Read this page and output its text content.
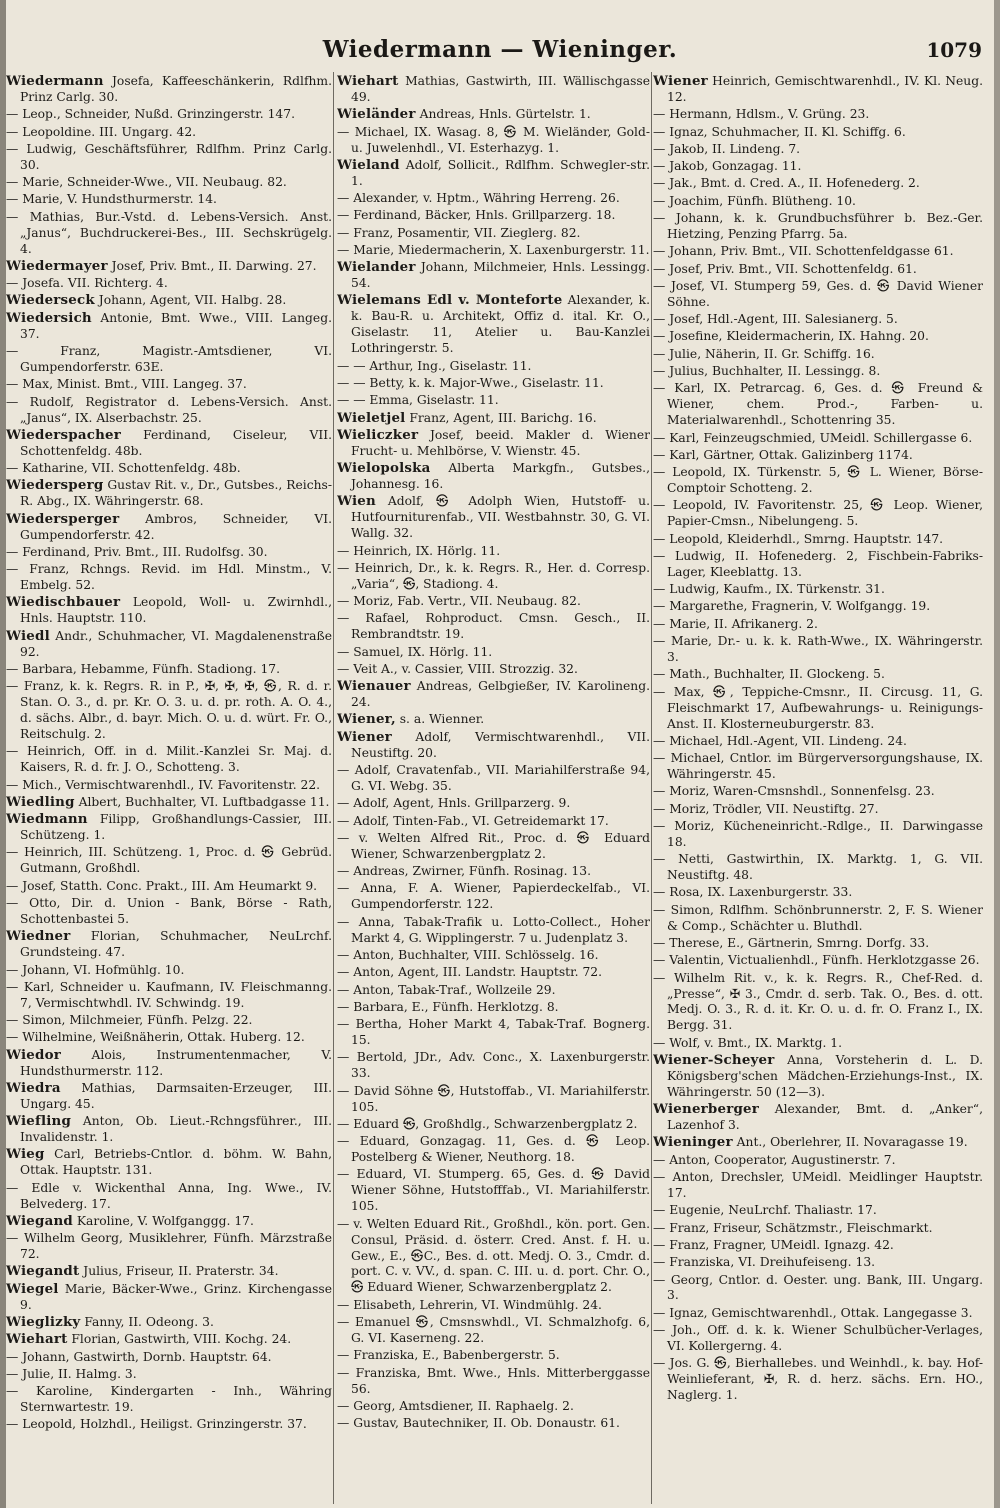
Wiedermann — Wieninger.	1079

Wiedermann Josefa, Kaffeeschänkerin, Rdlfhm. Prinz Carlg. 30.

— Leop., Schneider, Nußd. Grinzingerstr. 147.

— Leopoldine. III. Ungarg. 42.

— Ludwig, Geschäftsführer, Rdlfhm. Prinz Carlg. 30.

— Marie, Schneider-Wwe., VII. Neubaug. 82.

— Marie, V. Hundsthurmerstr. 14.

— Mathias, Bur.-Vstd. d. Lebens-Versich. Anst. „Janus“, Buchdruckerei-Bes., III. Sechskrügelg. 4.

Wiedermayer Josef, Priv. Bmt., II. Darwing. 27.

— Josefa. VII. Richterg. 4.

Wiederseck Johann, Agent, VII. Halbg. 28.

Wiedersich Antonie, Bmt. Wwe., VIII. Langeg. 37.

— Franz, Magistr.-Amtsdiener, VI. Gumpendorferstr. 63E.

— Max, Minist. Bmt., VIII. Langeg. 37.

— Rudolf, Registrator d. Lebens-Versich. Anst. „Janus“, IX. Alserbachstr. 25.

Wiederspacher Ferdinand, Ciseleur, VII. Schottenfeldg. 48b.

— Katharine, VII. Schottenfeldg. 48b.

Wiedersperg Gustav Rit. v., Dr., Gutsbes., Reichs-R. Abg., IX. Währingerstr. 68.

Wiedersperger Ambros, Schneider, VI. Gumpendorferstr. 42.

— Ferdinand, Priv. Bmt., III. Rudolfsg. 30.

— Franz, Rchngs. Revid. im Hdl. Minstm., V. Embelg. 52.

Wiedischbauer Leopold, Woll- u. Zwirnhdl., Hnls. Hauptstr. 110.

Wiedl Andr., Schuhmacher, VI. Magdalenenstraße 92.

— Barbara, Hebamme, Fünfh. Stadiong. 17.

— Franz, k. k. Regrs. R. in P., ✠, ✠, ✠, ㉿, R. d. r. Stan. O. 3., d. pr. Kr. O. 3. u. d. pr. roth. A. O. 4., d. sächs. Albr., d. bayr. Mich. O. u. d. würt. Fr. O., Reitschulg. 2.

— Heinrich, Off. in d. Milit.-Kanzlei Sr. Maj. d. Kaisers, R. d. fr. J. O., Schotteng. 3.

— Mich., Vermischtwarenhdl., IV. Favoritenstr. 22.

Wiedling Albert, Buchhalter, VI. Luftbadgasse 11.

Wiedmann Filipp, Großhandlungs-Cassier, III. Schützeng. 1.

— Heinrich, III. Schützeng. 1, Proc. d. ㉿ Gebrüd. Gutmann, Großhdl.

— Josef, Statth. Conc. Prakt., III. Am Heumarkt 9.

— Otto, Dir. d. Union - Bank, Börse - Rath, Schottenbastei 5.

Wiedner Florian, Schuhmacher, NeuLrchf. Grundsteing. 47.

— Johann, VI. Hofmühlg. 10.

— Karl, Schneider u. Kaufmann, IV. Fleischmanng. 7, Vermischtwhdl. IV. Schwindg. 19.

— Simon, Milchmeier, Fünfh. Pelzg. 22.

— Wilhelmine, Weißnäherin, Ottak. Huberg. 12.

Wiedor Alois, Instrumentenmacher, V. Hundsthurmerstr. 112.

Wiedra Mathias, Darmsaiten-Erzeuger, III. Ungarg. 45.

Wiefling Anton, Ob. Lieut.-Rchngsführer., III. Invalidenstr. 1.

Wieg Carl, Betriebs-Cntlor. d. böhm. W. Bahn, Ottak. Hauptstr. 131.

— Edle v. Wickenthal Anna, Ing. Wwe., IV. Belvederg. 17.

Wiegand Karoline, V. Wolfganggg. 17.

— Wilhelm Georg, Musiklehrer, Fünfh. Märzstraße 72.

Wiegandt Julius, Friseur, II. Praterstr. 34.

Wiegel Marie, Bäcker-Wwe., Grinz. Kirchengasse 9.

Wieglizky Fanny, II. Odeong. 3.

Wiehart Florian, Gastwirth, VIII. Kochg. 24.

— Johann, Gastwirth, Dornb. Hauptstr. 64.

— Julie, II. Halmg. 3.

— Karoline, Kindergarten - Inh., Währing Sternwartestr. 19.

— Leopold, Holzhdl., Heiligst. Grinzingerstr. 37.

Wiehart Mathias, Gastwirth, III. Wällischgasse 49.

Wieländer Andreas, Hnls. Gürtelstr. 1.

— Michael, IX. Wasag. 8, ㉿ M. Wieländer, Gold- u. Juwelenhdl., VI. Esterhazyg. 1.

Wieland Adolf, Sollicit., Rdlfhm. Schwegler-str. 1.

— Alexander, v. Hptm., Währing Herreng. 26.

— Ferdinand, Bäcker, Hnls. Grillparzerg. 18.

— Franz, Posamentir, VII. Zieglerg. 82.

— Marie, Miedermacherin, X. Laxenburgerstr. 11.

Wielander Johann, Milchmeier, Hnls. Lessingg. 54.

Wielemans Edl v. Monteforte Alexander, k. k. Bau-R. u. Architekt, Offiz d. ital. Kr. O., Giselastr. 11, Atelier u. Bau-Kanzlei Lothringerstr. 5.

— — Arthur, Ing., Giselastr. 11.

— — Betty, k. k. Major-Wwe., Giselastr. 11.

— — Emma, Giselastr. 11.

Wieletjel Franz, Agent, III. Barichg. 16.

Wieliczker Josef, beeid. Makler d. Wiener Frucht- u. Mehlbörse, V. Wienstr. 45.

Wielopolska Alberta Markgfn., Gutsbes., Johannesg. 16.

Wien Adolf, ㉿ Adolph Wien, Hutstoff- u. Hutfourniturenfab., VII. Westbahnstr. 30, G. VI. Wallg. 32.

— Heinrich, IX. Hörlg. 11.

— Heinrich, Dr., k. k. Regrs. R., Her. d. Corresp. „Varia“, ㉿, Stadiong. 4.

— Moriz, Fab. Vertr., VII. Neubaug. 82.

— Rafael, Rohproduct. Cmsn. Gesch., II. Rembrandtstr. 19.

— Samuel, IX. Hörlg. 11.

— Veit A., v. Cassier, VIII. Strozzig. 32.

Wienauer Andreas, Gelbgießer, IV. Karolineng. 24.

Wiener, s. a. Wienner.

Wiener Adolf, Vermischtwarenhdl., VII. Neustiftg. 20.

— Adolf, Cravatenfab., VII. Mariahilferstraße 94, G. VI. Webg. 35.

— Adolf, Agent, Hnls. Grillparzerg. 9.

— Adolf, Tinten-Fab., VI. Getreidemarkt 17.

— v. Welten Alfred Rit., Proc. d. ㉿ Eduard Wiener, Schwarzenbergplatz 2.

— Andreas, Zwirner, Fünfh. Rosinag. 13.

— Anna, F. A. Wiener, Papierdeckelfab., VI. Gumpendorferstr. 122.

— Anna, Tabak-Trafik u. Lotto-Collect., Hoher Markt 4, G. Wipplingerstr. 7 u. Judenplatz 3.

— Anton, Buchhalter, VIII. Schlösselg. 16.

— Anton, Agent, III. Landstr. Hauptstr. 72.

— Anton, Tabak-Traf., Wollzeile 29.

— Barbara, E., Fünfh. Herklotzg. 8.

— Bertha, Hoher Markt 4, Tabak-Traf. Bognerg. 15.

— Bertold, JDr., Adv. Conc., X. Laxenburgerstr. 33.

— David Söhne ㉿, Hutstoffab., VI. Mariahilferstr. 105.

— Eduard ㉿, Großhdlg., Schwarzenbergplatz 2.

— Eduard, Gonzagag. 11, Ges. d. ㉿ Leop. Postelberg & Wiener, Neuthorg. 18.

— Eduard, VI. Stumperg. 65, Ges. d. ㉿ David Wiener Söhne, Hutstofffab., VI. Mariahilferstr. 105.

— v. Welten Eduard Rit., Großhdl., kön. port. Gen. Consul, Präsid. d. österr. Cred. Anst. f. H. u. Gew., E., ㉿C., Bes. d. ott. Medj. O. 3., Cmdr. d. port. C. v. VV., d. span. C. III. u. d. port. Chr. O., ㉿ Eduard Wiener, Schwarzenbergplatz 2.

— Elisabeth, Lehrerin, VI. Windmühlg. 24.

— Emanuel ㉿, Cmsnswhdl., VI. Schmalzhofg. 6, G. VI. Kaserneng. 22.

— Franziska, E., Babenbergerstr. 5.

— Franziska, Bmt. Wwe., Hnls. Mitterberggasse 56.

— Georg, Amtsdiener, II. Raphaelg. 2.

— Gustav, Bautechniker, II. Ob. Donaustr. 61.

Wiener Heinrich, Gemischtwarenhdl., IV. Kl. Neug. 12.

— Hermann, Hdlsm., V. Grüng. 23.

— Ignaz, Schuhmacher, II. Kl. Schiffg. 6.

— Jakob, II. Lindeng. 7.

— Jakob, Gonzagag. 11.

— Jak., Bmt. d. Cred. A., II. Hofenederg. 2.

— Joachim, Fünfh. Blütheng. 10.

— Johann, k. k. Grundbuchsführer b. Bez.-Ger. Hietzing, Penzing Pfarrg. 5a.

— Johann, Priv. Bmt., VII. Schottenfeldgasse 61.

— Josef, Priv. Bmt., VII. Schottenfeldg. 61.

— Josef, VI. Stumperg 59, Ges. d. ㉿ David Wiener Söhne.

— Josef, Hdl.-Agent, III. Salesianerg. 5.

— Josefine, Kleidermacherin, IX. Hahng. 20.

— Julie, Näherin, II. Gr. Schiffg. 16.

— Julius, Buchhalter, II. Lessingg. 8.

— Karl, IX. Petrarcag. 6, Ges. d. ㉿ Freund & Wiener, chem. Prod.-, Farben- u. Materialwarenhdl., Schottenring 35.

— Karl, Feinzeugschmied, UMeidl. Schillergasse 6.

— Karl, Gärtner, Ottak. Galizinberg 1174.

— Leopold, IX. Türkenstr. 5, ㉿ L. Wiener, Börse-Comptoir Schotteng. 2.

— Leopold, IV. Favoritenstr. 25, ㉿ Leop. Wiener, Papier-Cmsn., Nibelungeng. 5.

— Leopold, Kleiderhdl., Smrng. Hauptstr. 147.

— Ludwig, II. Hofenederg. 2, Fischbein-Fabriks-Lager, Kleeblattg. 13.

— Ludwig, Kaufm., IX. Türkenstr. 31.

— Margarethe, Fragnerin, V. Wolfgangg. 19.

— Marie, II. Afrikanerg. 2.

— Marie, Dr.- u. k. k. Rath-Wwe., IX. Währingerstr. 3.

— Math., Buchhalter, II. Glockeng. 5.

— Max, ㉿, Teppiche-Cmsnr., II. Circusg. 11, G. Fleischmarkt 17, Aufbewahrungs- u. Reinigungs-Anst. II. Klosterneuburgerstr. 83.

— Michael, Hdl.-Agent, VII. Lindeng. 24.

— Michael, Cntlor. im Bürgerversorgungshause, IX. Währingerstr. 45.

— Moriz, Waren-Cmsnshdl., Sonnenfelsg. 23.

— Moriz, Trödler, VII. Neustiftg. 27.

— Moriz, Kücheneinricht.-Rdlge., II. Darwingasse 18.

— Netti, Gastwirthin, IX. Marktg. 1, G. VII. Neustiftg. 48.

— Rosa, IX. Laxenburgerstr. 33.

— Simon, Rdlfhm. Schönbrunnerstr. 2, F. S. Wiener & Comp., Schächter u. Bluthdl.

— Therese, E., Gärtnerin, Smrng. Dorfg. 33.

— Valentin, Victualienhdl., Fünfh. Herklotzgasse 26.

— Wilhelm Rit. v., k. k. Regrs. R., Chef-Red. d. „Presse“, ✠ 3., Cmdr. d. serb. Tak. O., Bes. d. ott. Medj. O. 3., R. d. it. Kr. O. u. d. fr. O. Franz I., IX. Bergg. 31.

— Wolf, v. Bmt., IX. Marktg. 1.

Wiener-Scheyer Anna, Vorsteherin d. L. D. Königsberg'schen Mädchen-Erziehungs-Inst., IX. Währingerstr. 50 (12—3).

Wienerberger Alexander, Bmt. d. „Anker“, Lazenhof 3.

Wieninger Ant., Oberlehrer, II. Novaragasse 19.

— Anton, Cooperator, Augustinerstr. 7.

— Anton, Drechsler, UMeidl. Meidlinger Hauptstr. 17.

— Eugenie, NeuLrchf. Thaliastr. 17.

— Franz, Friseur, Schätzmstr., Fleischmarkt.

— Franz, Fragner, UMeidl. Ignazg. 42.

— Franziska, VI. Dreihufeiseng. 13.

— Georg, Cntlor. d. Oester. ung. Bank, III. Ungarg. 3.

— Ignaz, Gemischtwarenhdl., Ottak. Langegasse 3.

— Joh., Off. d. k. k. Wiener Schulbücher-Verlages, VI. Kollergerng. 4.

— Jos. G. ㉿, Bierhallebes. und Weinhdl., k. bay. Hof-Weinlieferant, ✠, R. d. herz. sächs. Ern. HO., Naglerg. 1.
